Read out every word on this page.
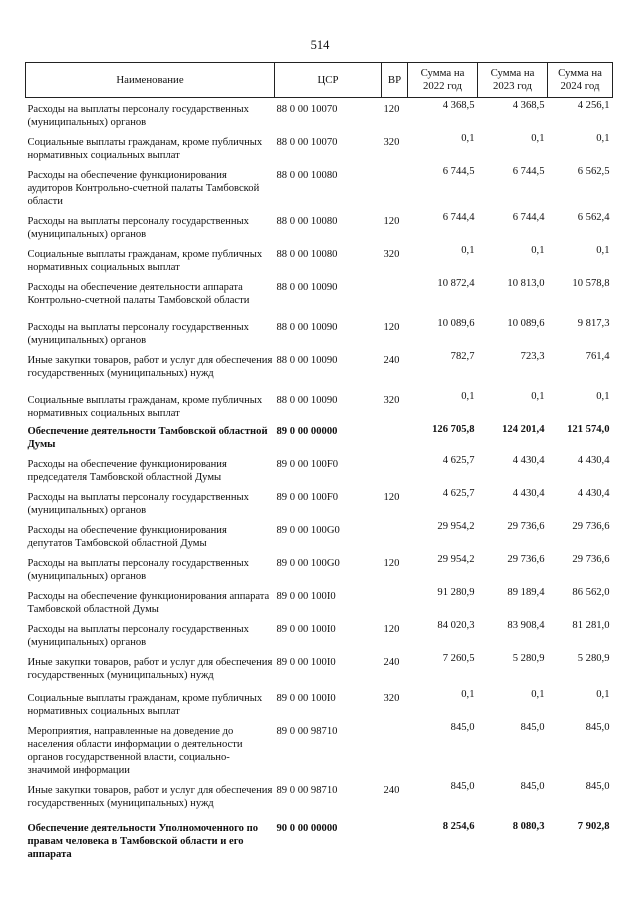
514
Наименование	ЦСР	ВР	Сумма на 2022 год	Сумма на 2023 год	Сумма на 2024 год
Расходы на выплаты персоналу государственных (муниципальных) органов	88 0 00 10070	120	4 368,5	4 368,5	4 256,1
Социальные выплаты гражданам, кроме публичных нормативных социальных выплат	88 0 00 10070	320	0,1	0,1	0,1
Расходы на обеспечение функционирования аудиторов Контрольно-счетной палаты Тамбовской области	88 0 00 10080		6 744,5	6 744,5	6 562,5
Расходы на выплаты персоналу государственных (муниципальных) органов	88 0 00 10080	120	6 744,4	6 744,4	6 562,4
Социальные выплаты гражданам, кроме публичных нормативных социальных выплат	88 0 00 10080	320	0,1	0,1	0,1
Расходы на обеспечение деятельности аппарата Контрольно-счетной палаты Тамбовской области	88 0 00 10090		10 872,4	10 813,0	10 578,8
Расходы на выплаты персоналу государственных (муниципальных) органов	88 0 00 10090	120	10 089,6	10 089,6	9 817,3
Иные закупки товаров, работ и услуг для обеспечения государственных (муниципальных) нужд	88 0 00 10090	240	782,7	723,3	761,4
Социальные выплаты гражданам, кроме публичных нормативных социальных выплат	88 0 00 10090	320	0,1	0,1	0,1
Обеспечение деятельности Тамбовской областной Думы	89 0 00 00000		126 705,8	124 201,4	121 574,0
Расходы на обеспечение функционирования председателя Тамбовской областной Думы	89 0 00 100F0		4 625,7	4 430,4	4 430,4
Расходы на выплаты персоналу государственных (муниципальных) органов	89 0 00 100F0	120	4 625,7	4 430,4	4 430,4
Расходы на обеспечение функционирования депутатов Тамбовской областной Думы	89 0 00 100G0		29 954,2	29 736,6	29 736,6
Расходы на выплаты персоналу государственных (муниципальных) органов	89 0 00 100G0	120	29 954,2	29 736,6	29 736,6
Расходы на обеспечение функционирования аппарата Тамбовской областной Думы	89 0 00 100I0		91 280,9	89 189,4	86 562,0
Расходы на выплаты персоналу государственных (муниципальных) органов	89 0 00 100I0	120	84 020,3	83 908,4	81 281,0
Иные закупки товаров, работ и услуг для обеспечения государственных (муниципальных) нужд	89 0 00 100I0	240	7 260,5	5 280,9	5 280,9
Социальные выплаты гражданам, кроме публичных нормативных социальных выплат	89 0 00 100I0	320	0,1	0,1	0,1
Мероприятия, направленные на доведение до населения области информации о деятельности органов государственной власти, социально-значимой информации	89 0 00 98710		845,0	845,0	845,0
Иные закупки товаров, работ и услуг для обеспечения государственных (муниципальных) нужд	89 0 00 98710	240	845,0	845,0	845,0
Обеспечение деятельности Уполномоченного по правам человека в Тамбовской области и его аппарата	90 0 00 00000		8 254,6	8 080,3	7 902,8
